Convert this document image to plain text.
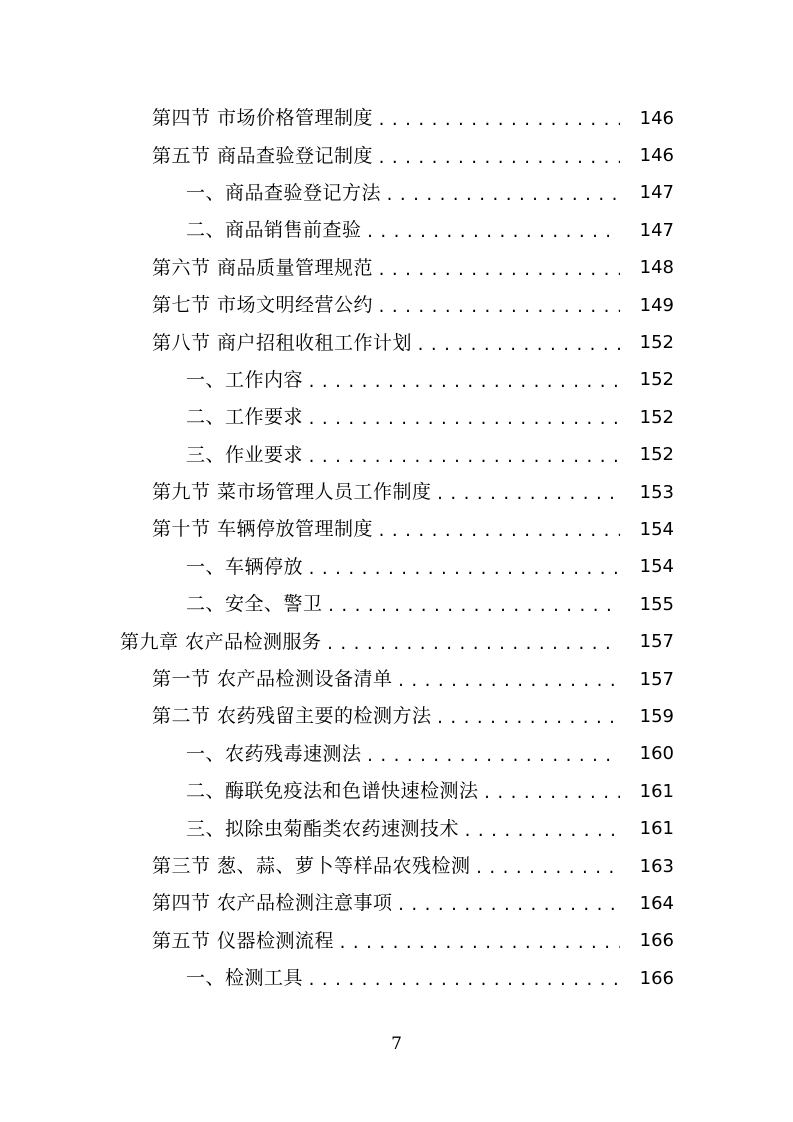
第四节 市场价格管理制度 .....	146
第五节 商品查验登记制度 .....	146
一、商品查验登记方法 .....	147
二、商品销售前查验 .....	147
第六节 商品质量管理规范 .....	148
第七节 市场文明经营公约 .....	149
第八节 商户招租收租工作计划 .....	152
一、工作内容 .....	152
二、工作要求 .....	152
三、作业要求 .....	152
第九节 菜市场管理人员工作制度 .....	153
第十节 车辆停放管理制度 .....	154
一、车辆停放 .....	154
二、安全、警卫 .....	155
第九章 农产品检测服务 .....	157
第一节 农产品检测设备清单 .....	157
第二节 农药残留主要的检测方法 .....	159
一、农药残毒速测法 .....	160
二、酶联免疫法和色谱快速检测法 .....	161
三、拟除虫菊酯类农药速测技术 .....	161
第三节 葱、蒜、萝卜等样品农残检测 .....	163
第四节 农产品检测注意事项 .....	164
第五节 仪器检测流程 .....	166
一、检测工具 .....	166
7
